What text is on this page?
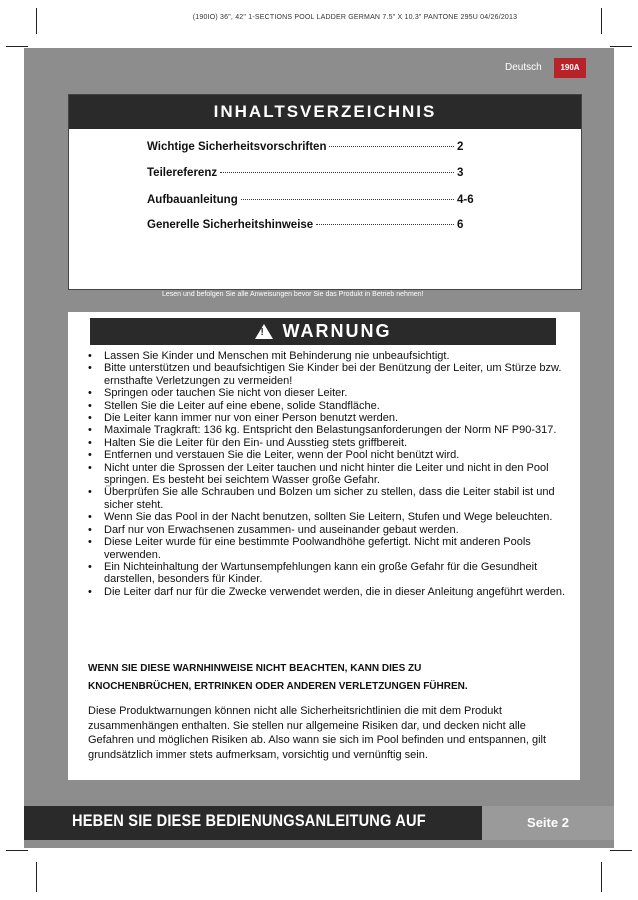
(190IO) 36", 42" 1-SECTIONS POOL LADDER GERMAN 7.5" X 10.3" PANTONE 295U 04/26/2013
Deutsch	190A
INHALTSVERZEICHNIS
Wichtige Sicherheitsvorschriften	2
Teilereferenz	3
Aufbauanleitung	4-6
Generelle Sicherheitshinweise	6
WICHTIGE SICHERHEITSVORSCHRIFTEN
Lesen und befolgen Sie alle Anweisungen bevor Sie das Produkt in Betrieb nehmen!
! WARNUNG
• Lassen Sie Kinder und Menschen mit Behinderung nie unbeaufsichtigt.
• Bitte unterstützen und beaufsichtigen Sie Kinder bei der Benützung der Leiter, um Stürze bzw. ernsthafte Verletzungen zu vermeiden!
• Springen oder tauchen Sie nicht von dieser Leiter.
• Stellen Sie die Leiter auf eine ebene, solide Standfläche.
• Die Leiter kann immer nur von einer Person benutzt werden.
• Maximale Tragkraft: 136 kg. Entspricht den Belastungsanforderungen der Norm NF P90-317.
• Halten Sie die Leiter für den Ein- und Ausstieg stets griffbereit.
• Entfernen und verstauen Sie die Leiter, wenn der Pool nicht benützt wird.
• Nicht unter die Sprossen der Leiter tauchen und nicht hinter die Leiter und nicht in den Pool springen. Es besteht bei seichtem Wasser große Gefahr.
• Überprüfen Sie alle Schrauben und Bolzen um sicher zu stellen, dass die Leiter stabil ist und sicher steht.
• Wenn Sie das Pool in der Nacht benutzen, sollten Sie Leitern, Stufen und Wege beleuchten.
• Darf nur von Erwachsenen zusammen- und auseinander gebaut werden.
• Diese Leiter wurde für eine bestimmte Poolwandhöhe gefertigt. Nicht mit anderen Pools verwenden.
• Ein Nichteinhaltung der Wartunsempfehlungen kann ein große Gefahr für die Gesundheit darstellen, besonders für Kinder.
• Die Leiter darf nur für die Zwecke verwendet werden, die in dieser Anleitung angeführt werden.
WENN SIE DIESE WARNHINWEISE NICHT BEACHTEN, KANN DIES ZU
KNOCHENBRÜCHEN, ERTRINKEN ODER ANDEREN VERLETZUNGEN FÜHREN.
Diese Produktwarnungen können nicht alle Sicherheitsrichtlinien die mit dem Produkt zusammenhängen enthalten. Sie stellen nur allgemeine Risiken dar, und decken nicht alle Gefahren und möglichen Risiken ab. Also wann sie sich im Pool befinden und entspannen, gilt grundsätzlich immer stets aufmerksam, vorsichtig und vernünftig sein.
HEBEN SIE DIESE BEDIENUNGSANLEITUNG AUF	Seite 2
